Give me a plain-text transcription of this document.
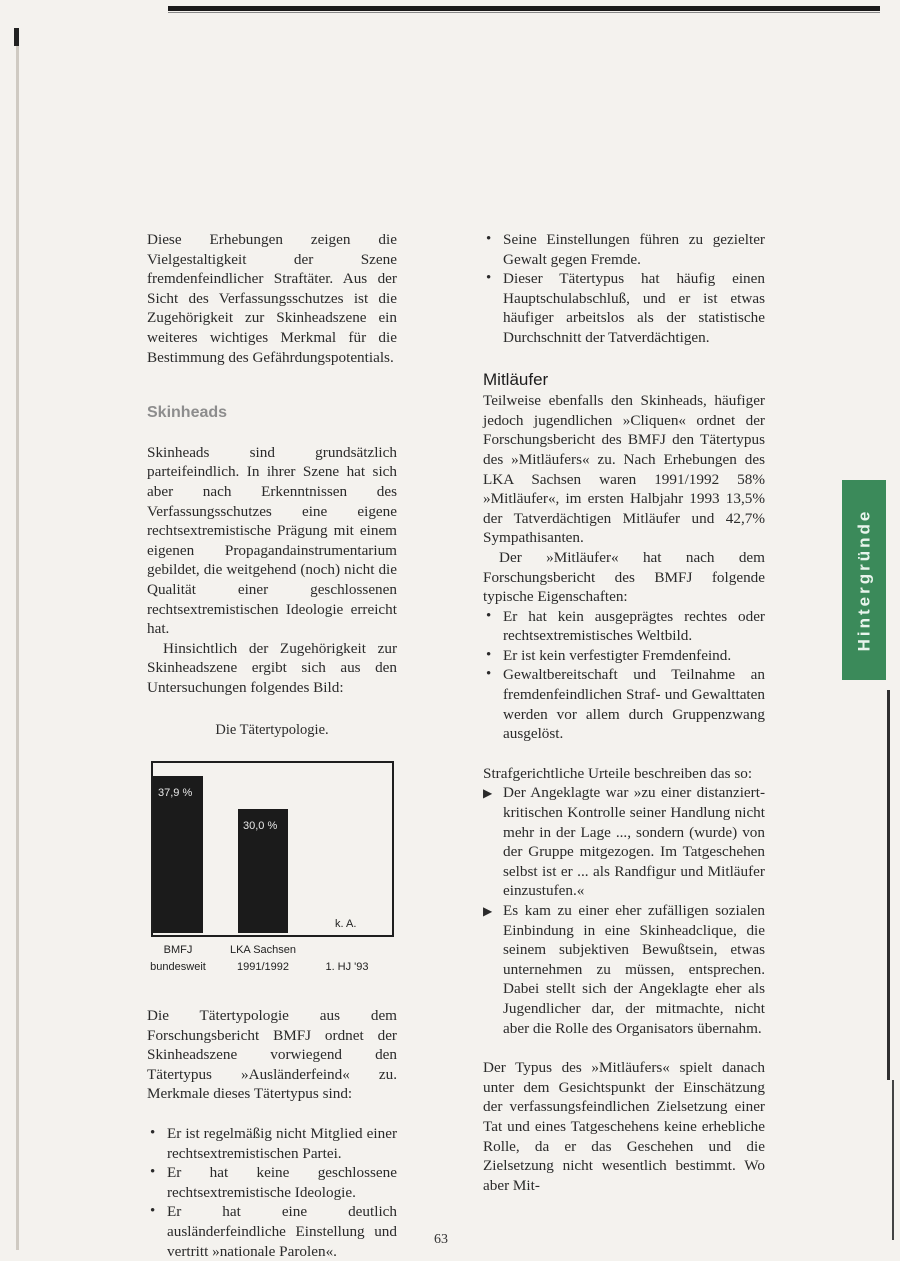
Hintergründe

Diese Erhebungen zeigen die Vielgestaltigkeit der Szene fremdenfeindlicher Straftäter. Aus der Sicht des Verfassungsschutzes ist die Zugehörigkeit zur Skinheadszene ein weiteres wichtiges Merkmal für die Bestimmung des Gefährdungspotentials.

Skinheads

Skinheads sind grundsätzlich parteifeindlich. In ihrer Szene hat sich aber nach Erkenntnissen des Verfassungsschutzes eine eigene rechtsextremistische Prägung mit einem eigenen Propagandainstrumentarium gebildet, die weitgehend (noch) nicht die Qualität einer geschlossenen rechtsextremistischen Ideologie erreicht hat.

Hinsichtlich der Zugehörigkeit zur Skinheadszene ergibt sich aus den Untersuchungen folgendes Bild:

Die Tätertypologie.
37,9 %
30,0 %
k. A.
BMFJ	LKA Sachsen
bundesweit	1991/1992	1. HJ '93

Die Tätertypologie aus dem Forschungsbericht BMFJ ordnet der Skinheadszene vorwiegend den Tätertypus »Ausländerfeind« zu. Merkmale dieses Tätertypus sind:

• Er ist regelmäßig nicht Mitglied einer rechtsextremistischen Partei.
• Er hat keine geschlossene rechtsextremistische Ideologie.
• Er hat eine deutlich ausländerfeindliche Einstellung und vertritt »nationale Parolen«.
• Seine Einstellungen führen zu gezielter Gewalt gegen Fremde.
• Dieser Tätertypus hat häufig einen Hauptschulabschluß, und er ist etwas häufiger arbeitslos als der statistische Durchschnitt der Tatverdächtigen.
Mitläufer

Teilweise ebenfalls den Skinheads, häufiger jedoch jugendlichen »Cliquen« ordnet der Forschungsbericht des BMFJ den Tätertypus des »Mitläufers« zu. Nach Erhebungen des LKA Sachsen waren 1991/1992 58% »Mitläufer«, im ersten Halbjahr 1993 13,5% der Tatverdächtigen Mitläufer und 42,7% Sympathisanten.

Der »Mitläufer« hat nach dem Forschungsbericht des BMFJ folgende typische Eigenschaften:

• Er hat kein ausgeprägtes rechtes oder rechtsextremistisches Weltbild.
• Er ist kein verfestigter Fremdenfeind.
• Gewaltbereitschaft und Teilnahme an fremdenfeindlichen Straf- und Gewalttaten werden vor allem durch Gruppenzwang ausgelöst.

Strafgerichtliche Urteile beschreiben das so:

▶ Der Angeklagte war »zu einer distanziert-kritischen Kontrolle seiner Handlung nicht mehr in der Lage ..., sondern (wurde) von der Gruppe mitgezogen. Im Tatgeschehen selbst ist er ... als Randfigur und Mitläufer einzustufen.«
▶ Es kam zu einer eher zufälligen sozialen Einbindung in eine Skinheadclique, die seinem subjektiven Bewußtsein, etwas unternehmen zu müssen, entsprechen. Dabei stellt sich der Angeklagte eher als Jugendlicher dar, der mitmachte, nicht aber die Rolle des Organisators übernahm.

Der Typus des »Mitläufers« spielt danach unter dem Gesichtspunkt der Einschätzung der verfassungsfeindlichen Zielsetzung einer Tat und eines Tatgeschehens keine erhebliche Rolle, da er das Geschehen und die Zielsetzung nicht wesentlich bestimmt. Wo aber Mit-

63
